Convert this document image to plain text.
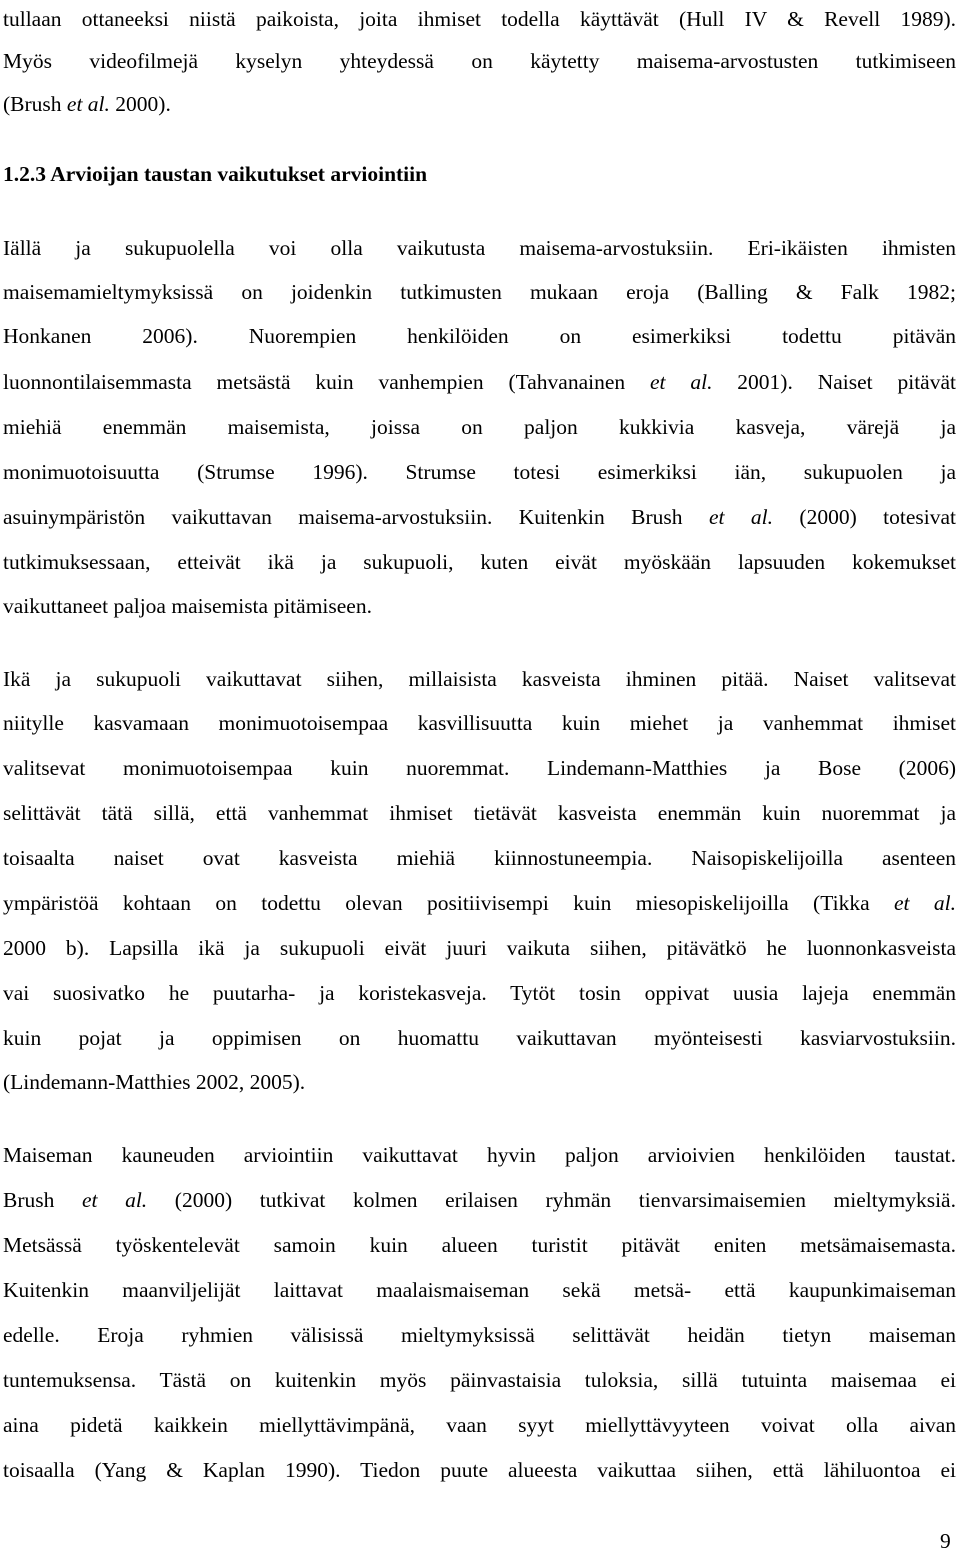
tullaan ottaneeksi niistä paikoista, joita ihmiset todella käyttävät (Hull IV & Revell 1989).
Myös videofilmejä kyselyn yhteydessä on käytetty maisema-arvostusten tutkimiseen
(Brush et al. 2000).
1.2.3 Arvioijan taustan vaikutukset arviointiin
Iällä ja sukupuolella voi olla vaikutusta maisema-arvostuksiin. Eri-ikäisten ihmisten
maisemamieltymyksissä on joidenkin tutkimusten mukaan eroja (Balling & Falk 1982;
Honkanen 2006). Nuorempien henkilöiden on esimerkiksi todettu pitävän
luonnontilaisemmasta metsästä kuin vanhempien (Tahvanainen et al. 2001). Naiset pitävät
miehiä enemmän maisemista, joissa on paljon kukkivia kasveja, värejä ja
monimuotoisuutta (Strumse 1996). Strumse totesi esimerkiksi iän, sukupuolen ja
asuinympäristön vaikuttavan maisema-arvostuksiin. Kuitenkin Brush et al. (2000) totesivat
tutkimuksessaan, etteivät ikä ja sukupuoli, kuten eivät myöskään lapsuuden kokemukset
vaikuttaneet paljoa maisemista pitämiseen.
Ikä ja sukupuoli vaikuttavat siihen, millaisista kasveista ihminen pitää. Naiset valitsevat
niitylle kasvamaan monimuotoisempaa kasvillisuutta kuin miehet ja vanhemmat ihmiset
valitsevat monimuotoisempaa kuin nuoremmat. Lindemann-Matthies ja Bose (2006)
selittävät tätä sillä, että vanhemmat ihmiset tietävät kasveista enemmän kuin nuoremmat ja
toisaalta naiset ovat kasveista miehiä kiinnostuneempia. Naisopiskelijoilla asenteen
ympäristöä kohtaan on todettu olevan positiivisempi kuin miesopiskelijoilla (Tikka et al.
2000 b). Lapsilla ikä ja sukupuoli eivät juuri vaikuta siihen, pitävätkö he luonnonkasveista
vai suosivatko he puutarha- ja koristekasveja. Tytöt tosin oppivat uusia lajeja enemmän
kuin pojat ja oppimisen on huomattu vaikuttavan myönteisesti kasviarvostuksiin.
(Lindemann-Matthies 2002, 2005).
Maiseman kauneuden arviointiin vaikuttavat hyvin paljon arvioivien henkilöiden taustat.
Brush et al. (2000) tutkivat kolmen erilaisen ryhmän tienvarsimaisemien mieltymyksiä.
Metsässä työskentelevät samoin kuin alueen turistit pitävät eniten metsämaisemasta.
Kuitenkin maanviljelijät laittavat maalaismaiseman sekä metsä- että kaupunkimaiseman
edelle. Eroja ryhmien välisissä mieltymyksissä selittävät heidän tietyn maiseman
tuntemuksensa. Tästä on kuitenkin myös päinvastaisia tuloksia, sillä tutuinta maisemaa ei
aina pidetä kaikkein miellyttävimpänä, vaan syyt miellyttävyyteen voivat olla aivan
toisaalla (Yang & Kaplan 1990). Tiedon puute alueesta vaikuttaa siihen, että lähiluontoa ei
9
